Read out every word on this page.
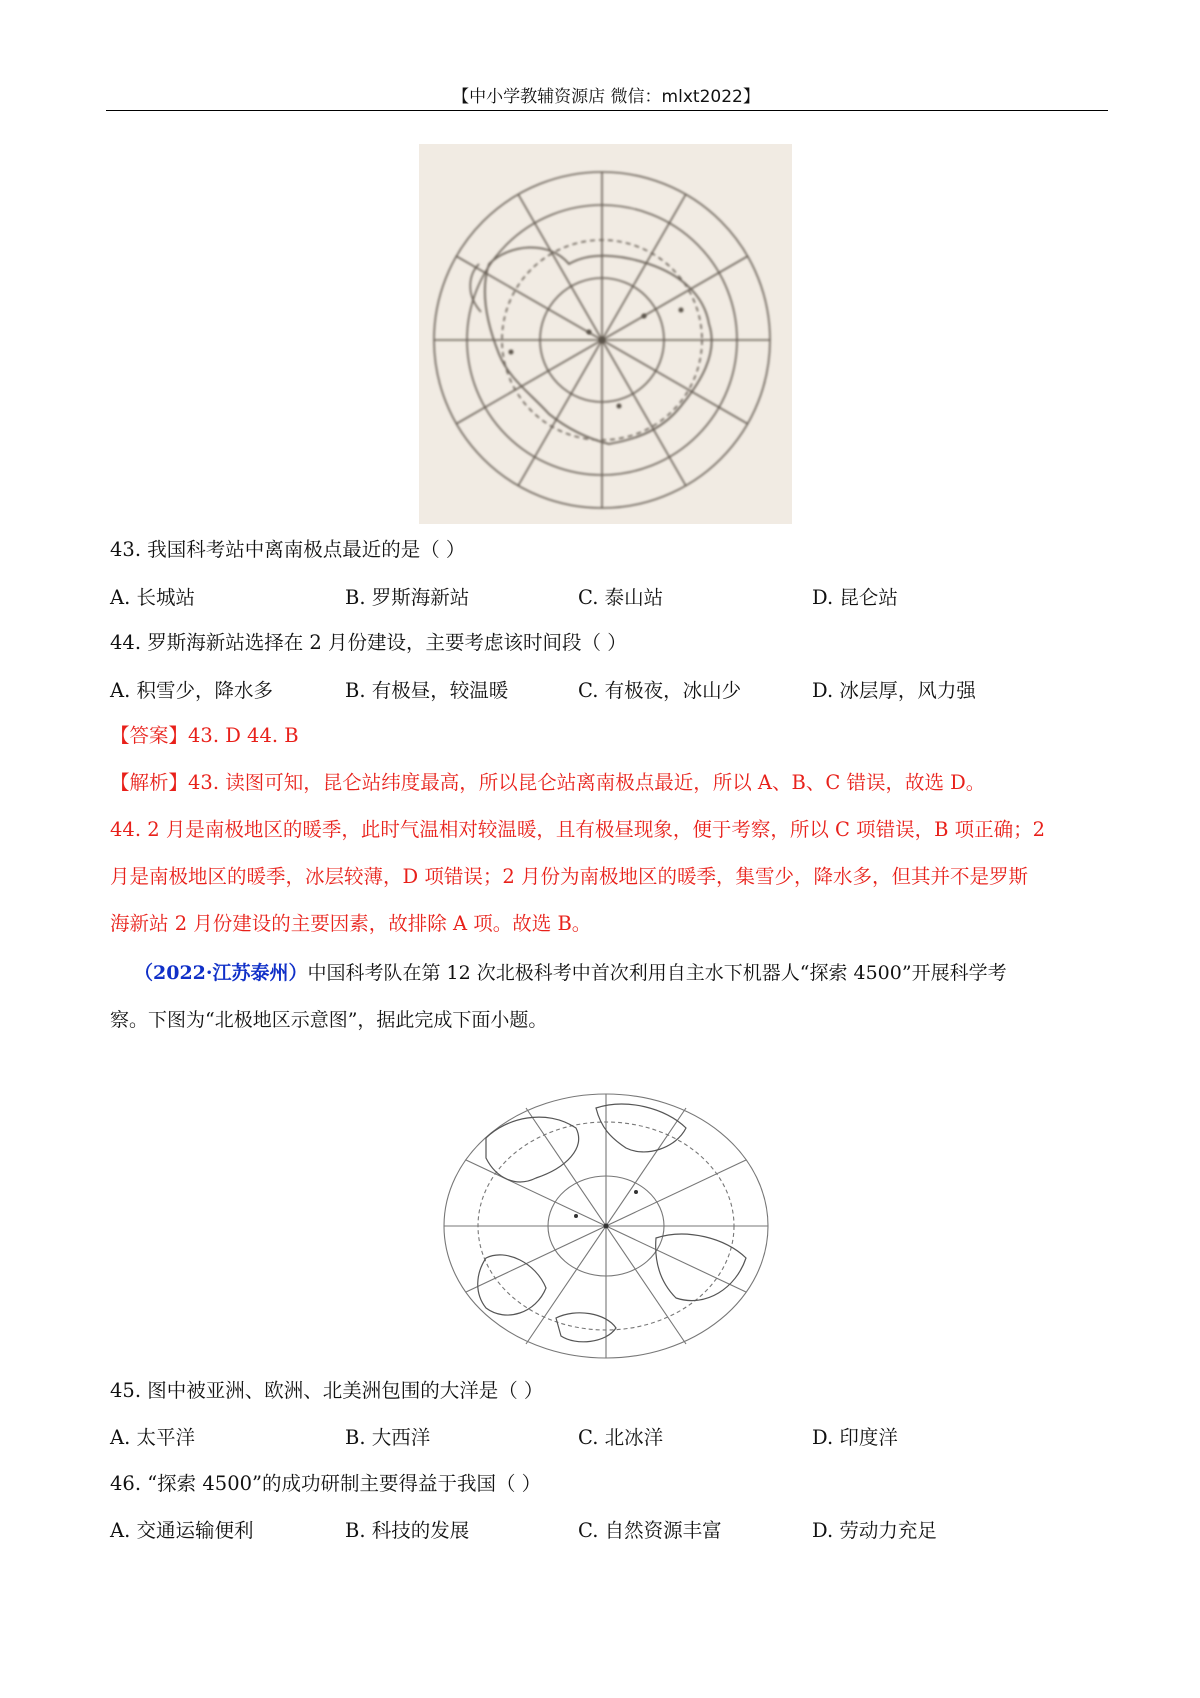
【中小学教辅资源店 微信：mlxt2022】
43. 我国科考站中离南极点最近的是（ ）
A. 长城站	B. 罗斯海新站	C. 泰山站	D. 昆仑站
44. 罗斯海新站选择在 2 月份建设，主要考虑该时间段（ ）
A. 积雪少，降水多	B. 有极昼，较温暖	C. 有极夜，冰山少	D. 冰层厚，风力强
【答案】43. D 44. B
【解析】43. 读图可知，昆仑站纬度最高，所以昆仑站离南极点最近，所以 A、B、C 错误，故选 D。
44. 2 月是南极地区的暖季，此时气温相对较温暖，且有极昼现象，便于考察，所以 C 项错误，B 项正确；2
月是南极地区的暖季，冰层较薄，D 项错误；2 月份为南极地区的暖季，集雪少，降水多，但其并不是罗斯
海新站 2 月份建设的主要因素，故排除 A 项。故选 B。
（2022·江苏泰州）中国科考队在第 12 次北极科考中首次利用自主水下机器人“探索 4500”开展科学考
察。下图为“北极地区示意图”，据此完成下面小题。
45. 图中被亚洲、欧洲、北美洲包围的大洋是（ ）
A. 太平洋	B. 大西洋	C. 北冰洋	D. 印度洋
46. “探索 4500”的成功研制主要得益于我国（ ）
A. 交通运输便利	B. 科技的发展	C. 自然资源丰富	D. 劳动力充足
